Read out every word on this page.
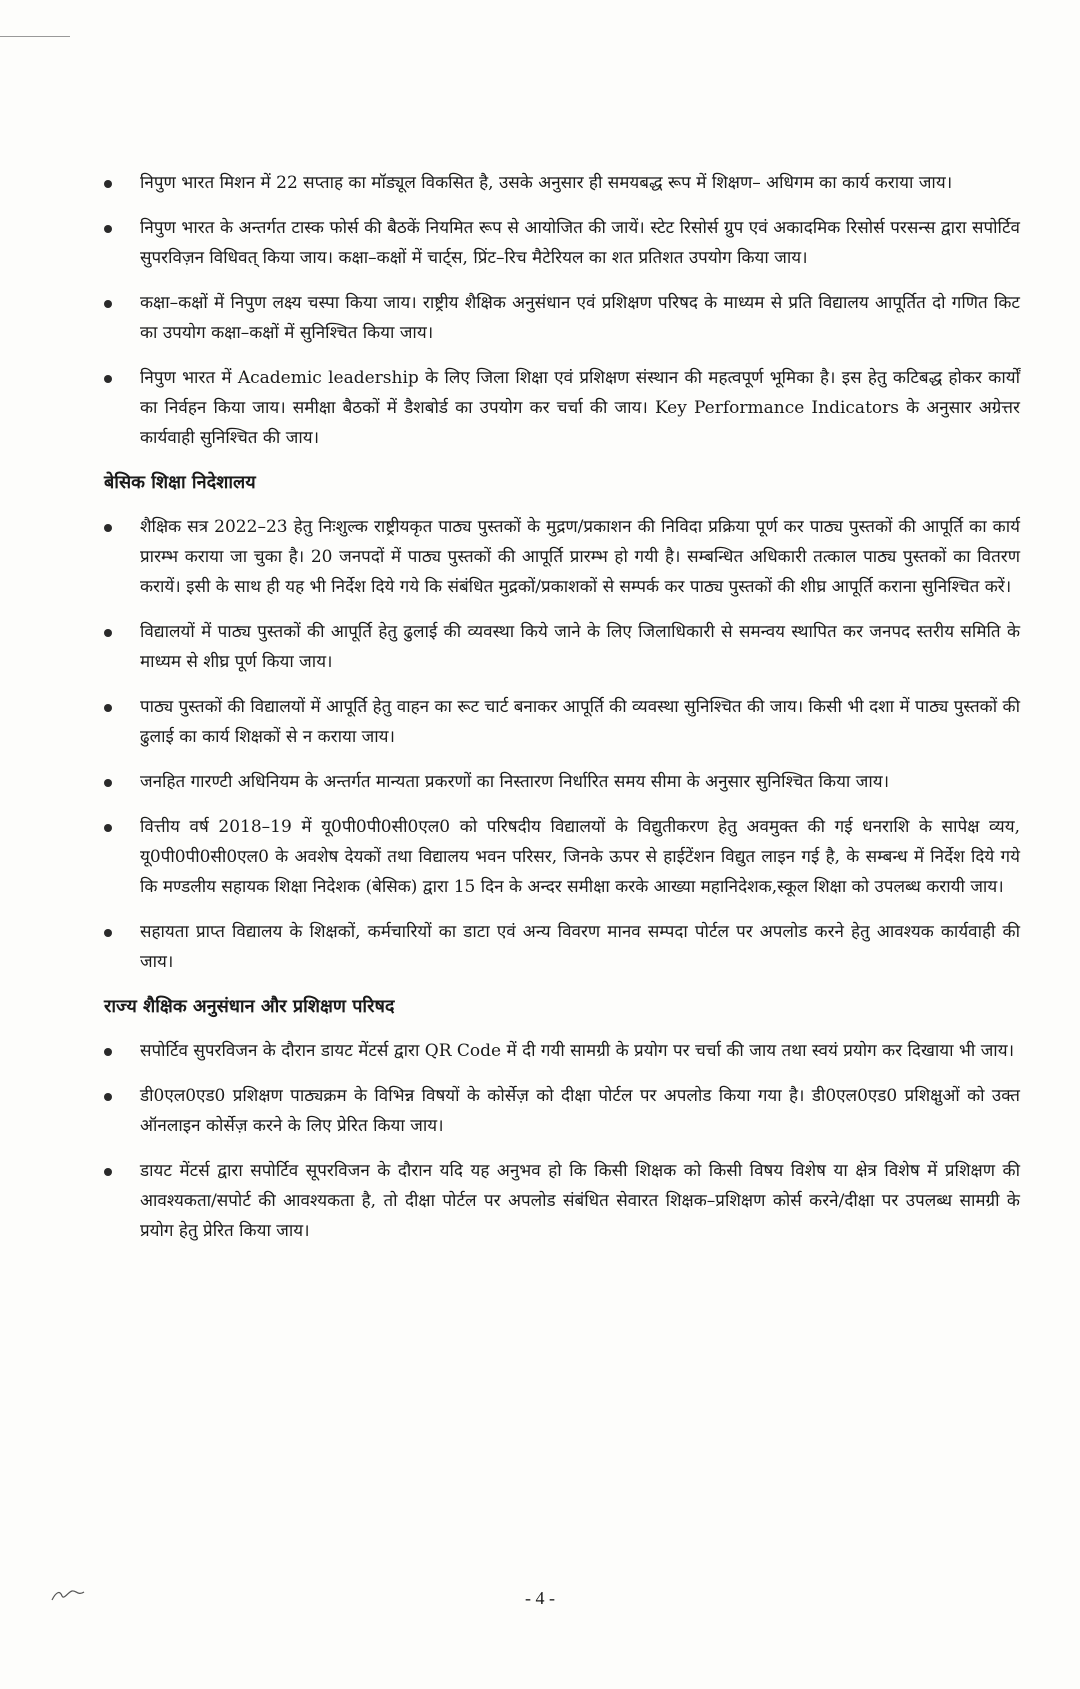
निपुण भारत मिशन में 22 सप्ताह का मॉड्यूल विकसित है, उसके अनुसार ही समयबद्ध रूप में शिक्षण– अधिगम का कार्य कराया जाय।
निपुण भारत के अन्तर्गत टास्क फोर्स की बैठकें नियमित रूप से आयोजित की जायें। स्टेट रिसोर्स ग्रुप एवं अकादमिक रिसोर्स परसन्स द्वारा सपोर्टिव सुपरविज़न विधिवत् किया जाय। कक्षा–कक्षों में चार्ट्स, प्रिंट–रिच मैटेरियल का शत प्रतिशत उपयोग किया जाय।
कक्षा–कक्षों में निपुण लक्ष्य चस्पा किया जाय। राष्ट्रीय शैक्षिक अनुसंधान एवं प्रशिक्षण परिषद के माध्यम से प्रति विद्यालय आपूर्तित दो गणित किट का उपयोग कक्षा–कक्षों में सुनिश्चित किया जाय।
निपुण भारत में Academic leadership के लिए जिला शिक्षा एवं प्रशिक्षण संस्थान की महत्वपूर्ण भूमिका है। इस हेतु कटिबद्ध होकर कार्यों का निर्वहन किया जाय। समीक्षा बैठकों में डैशबोर्ड का उपयोग कर चर्चा की जाय। Key Performance Indicators के अनुसार अग्रेत्तर कार्यवाही सुनिश्चित की जाय।
बेसिक शिक्षा निदेशालय
शैक्षिक सत्र 2022–23 हेतु निःशुल्क राष्ट्रीयकृत पाठ्य पुस्तकों के मुद्रण/प्रकाशन की निविदा प्रक्रिया पूर्ण कर पाठ्य पुस्तकों की आपूर्ति का कार्य प्रारम्भ कराया जा चुका है। 20 जनपदों में पाठ्य पुस्तकों की आपूर्ति प्रारम्भ हो गयी है। सम्बन्धित अधिकारी तत्काल पाठ्य पुस्तकों का वितरण करायें। इसी के साथ ही यह भी निर्देश दिये गये कि संबंधित मुद्रकों/प्रकाशकों से सम्पर्क कर पाठ्य पुस्तकों की शीघ्र आपूर्ति कराना सुनिश्चित करें।
विद्यालयों में पाठ्य पुस्तकों की आपूर्ति हेतु ढुलाई की व्यवस्था किये जाने के लिए जिलाधिकारी से समन्वय स्थापित कर जनपद स्तरीय समिति के माध्यम से शीघ्र पूर्ण किया जाय।
पाठ्य पुस्तकों की विद्यालयों में आपूर्ति हेतु वाहन का रूट चार्ट बनाकर आपूर्ति की व्यवस्था सुनिश्चित की जाय। किसी भी दशा में पाठ्य पुस्तकों की ढुलाई का कार्य शिक्षकों से न कराया जाय।
जनहित गारण्टी अधिनियम के अन्तर्गत मान्यता प्रकरणों का निस्तारण निर्धारित समय सीमा के अनुसार सुनिश्चित किया जाय।
वित्तीय वर्ष 2018–19 में यू0पी0पी0सी0एल0 को परिषदीय विद्यालयों के विद्युतीकरण हेतु अवमुक्त की गई धनराशि के सापेक्ष व्यय, यू0पी0पी0सी0एल0 के अवशेष देयकों तथा विद्यालय भवन परिसर, जिनके ऊपर से हाईटेंशन विद्युत लाइन गई है, के सम्बन्ध में निर्देश दिये गये कि मण्डलीय सहायक शिक्षा निदेशक (बेसिक) द्वारा 15 दिन के अन्दर समीक्षा करके आख्या महानिदेशक,स्कूल शिक्षा को उपलब्ध करायी जाय।
सहायता प्राप्त विद्यालय के शिक्षकों, कर्मचारियों का डाटा एवं अन्य विवरण मानव सम्पदा पोर्टल पर अपलोड करने हेतु आवश्यक कार्यवाही की जाय।
राज्य शैक्षिक अनुसंधान और प्रशिक्षण परिषद
सपोर्टिव सुपरविजन के दौरान डायट मेंटर्स द्वारा QR Code में दी गयी सामग्री के प्रयोग पर चर्चा की जाय तथा स्वयं प्रयोग कर दिखाया भी जाय।
डी0एल0एड0 प्रशिक्षण पाठ्यक्रम के विभिन्न विषयों के कोर्सेज़ को दीक्षा पोर्टल पर अपलोड किया गया है। डी0एल0एड0 प्रशिक्षुओं को उक्त ऑनलाइन कोर्सेज़ करने के लिए प्रेरित किया जाय।
डायट मेंटर्स द्वारा सपोर्टिव सूपरविजन के दौरान यदि यह अनुभव हो कि किसी शिक्षक को किसी विषय विशेष या क्षेत्र विशेष में प्रशिक्षण की आवश्यकता/सपोर्ट की आवश्यकता है, तो दीक्षा पोर्टल पर अपलोड संबंधित सेवारत शिक्षक–प्रशिक्षण कोर्स करने/दीक्षा पर उपलब्ध सामग्री के प्रयोग हेतु प्रेरित किया जाय।
- 4 -
